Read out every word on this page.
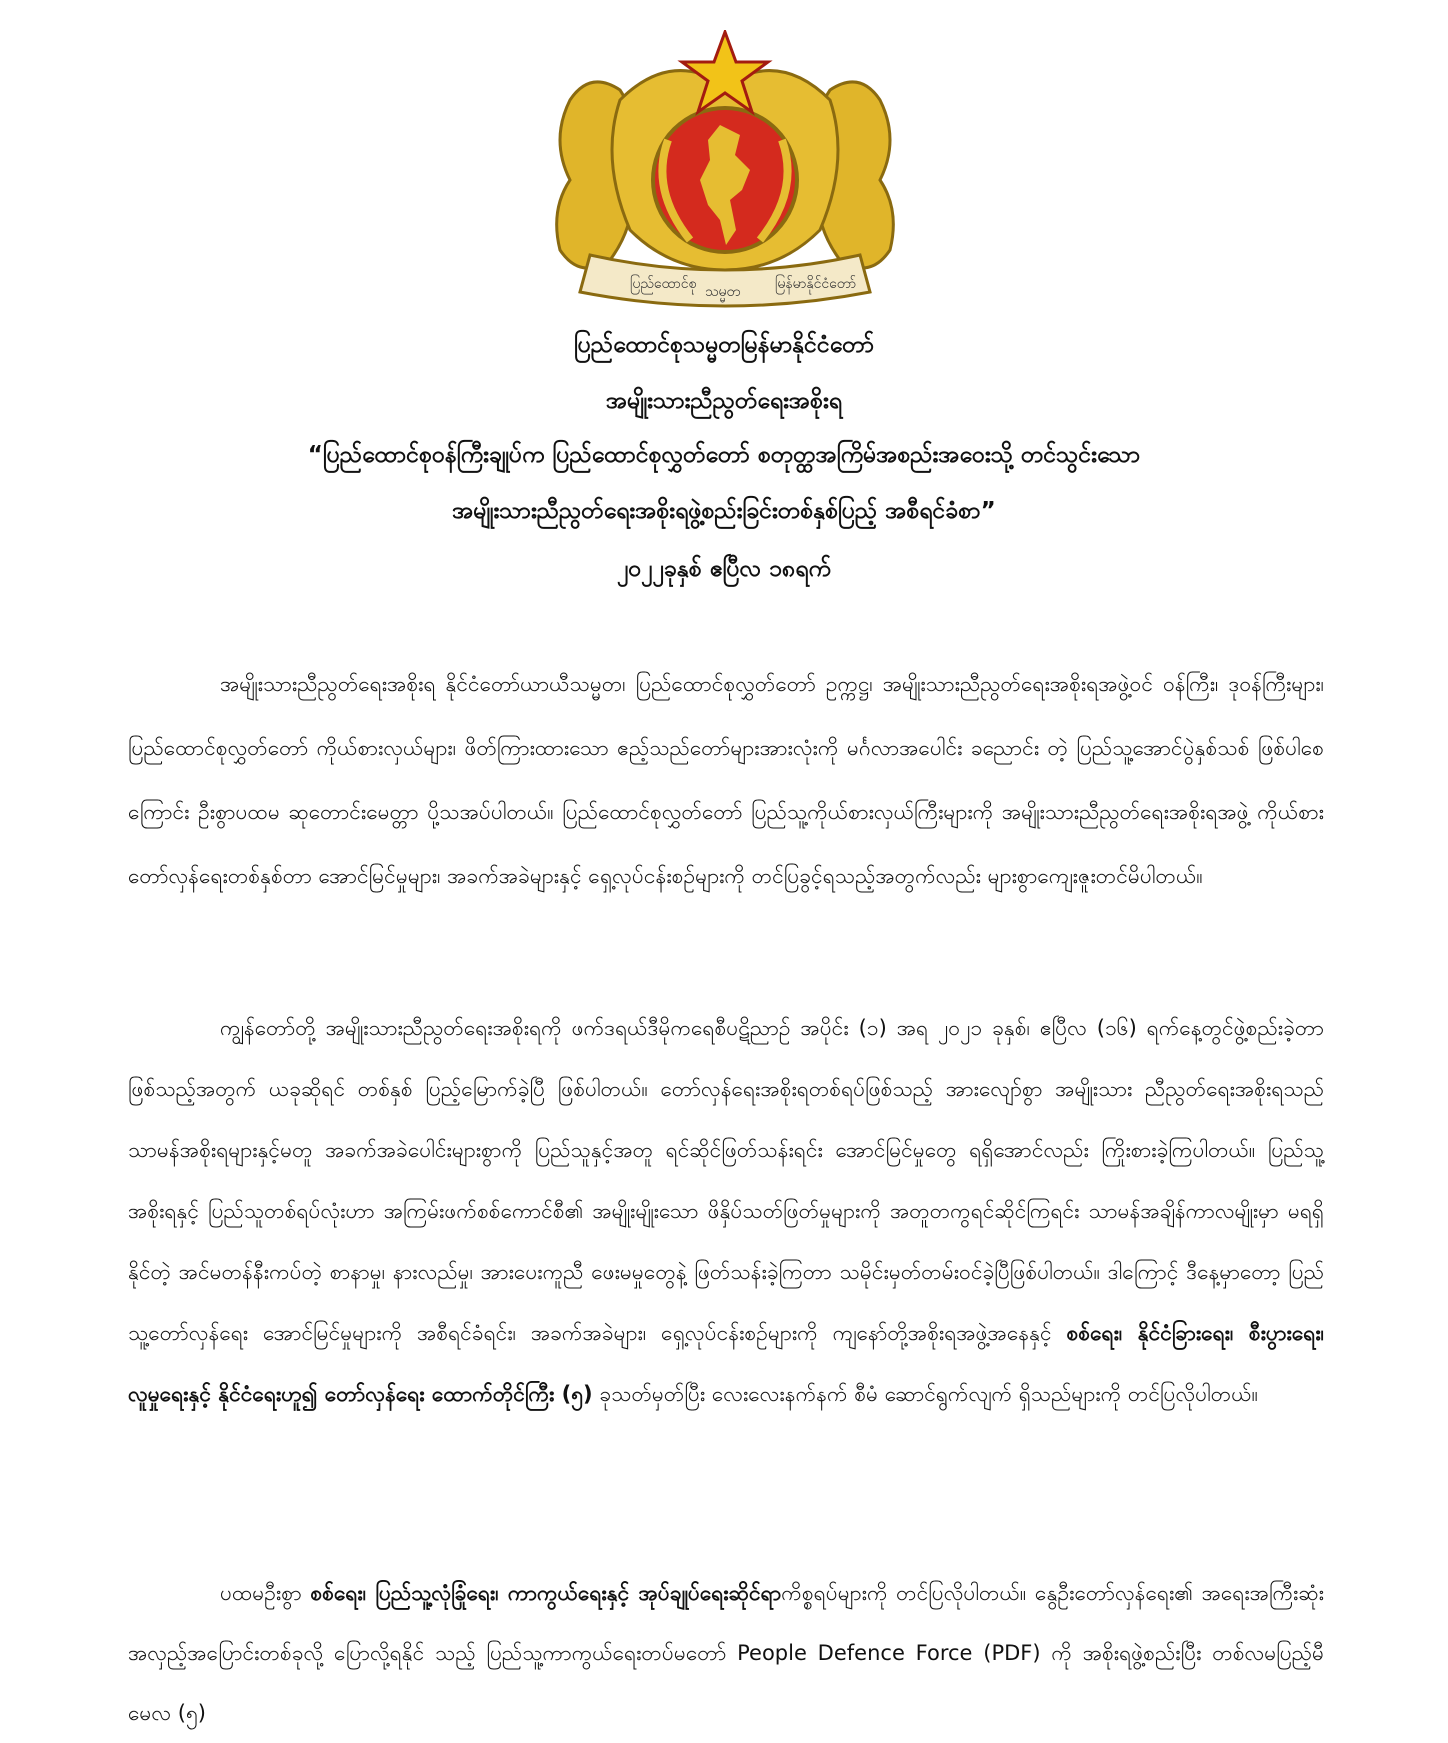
ပြည်ထောင်စု သမ္မတ မြန်မာနိုင်ငံတော်
ပြည်ထောင်စုသမ္မတမြန်မာနိုင်ငံတော်
အမျိုးသားညီညွတ်ရေးအစိုးရ
“ပြည်ထောင်စုဝန်ကြီးချုပ်က ပြည်ထောင်စုလွှတ်တော် စတုတ္ထအကြိမ်အစည်းအဝေးသို့ တင်သွင်းသော
အမျိုးသားညီညွတ်ရေးအစိုးရဖွဲ့စည်းခြင်းတစ်နှစ်ပြည့် အစီရင်ခံစာ”
၂၀၂၂ခုနှစ် ဧပြီလ ၁၈ရက်

အမျိုးသားညီညွတ်ရေးအစိုးရ နိုင်ငံတော်ယာယီသမ္မတ၊ ပြည်ထောင်စုလွှတ်တော် ဥက္ကဋ္ဌ၊ အမျိုးသားညီညွတ်ရေးအစိုးရအဖွဲ့ဝင် ဝန်ကြီး၊ ဒုဝန်ကြီးများ၊ ပြည်ထောင်စုလွှတ်တော် ကိုယ်စားလှယ်များ၊ ဖိတ်ကြားထားသော ဧည့်သည်တော်များအားလုံးကို မင်္ဂလာအပေါင်း ခညောင်း တဲ့ ပြည်သူ့အောင်ပွဲနှစ်သစ် ဖြစ်ပါစေကြောင်း ဦးစွာပထမ ဆုတောင်းမေတ္တာ ပို့သအပ်ပါတယ်။ ပြည်ထောင်စုလွှတ်တော် ပြည်သူ့ကိုယ်စားလှယ်ကြီးများကို အမျိုးသားညီညွတ်ရေးအစိုးရအဖွဲ့ ကိုယ်စား တော်လှန်ရေးတစ်နှစ်တာ အောင်မြင်မှုများ၊ အခက်အခဲများနှင့် ရှေ့လုပ်ငန်းစဉ်များကို တင်ပြခွင့်ရသည့်အတွက်လည်း များစွာကျေးဇူးတင်မိပါတယ်။

ကျွန်တော်တို့ အမျိုးသားညီညွတ်ရေးအစိုးရကို ဖက်ဒရယ်ဒီမိုကရေစီပဋိညာဉ် အပိုင်း (၁) အရ ၂၀၂၁ ခုနှစ်၊ ဧပြီလ (၁၆) ရက်နေ့တွင်ဖွဲ့စည်းခဲ့တာ ဖြစ်သည့်အတွက် ယခုဆိုရင် တစ်နှစ် ပြည့်မြောက်ခဲ့ပြီ ဖြစ်ပါတယ်။ တော်လှန်ရေးအစိုးရတစ်ရပ်ဖြစ်သည့် အားလျော်စွာ အမျိုးသား ညီညွတ်ရေးအစိုးရသည် သာမန်အစိုးရများနှင့်မတူ အခက်အခဲပေါင်းများစွာကို ပြည်သူနှင့်အတူ ရင်ဆိုင်ဖြတ်သန်းရင်း အောင်မြင်မှုတွေ ရရှိအောင်လည်း ကြိုးစားခဲ့ကြပါတယ်။ ပြည်သူ့အစိုးရနှင့် ပြည်သူတစ်ရပ်လုံးဟာ အကြမ်းဖက်စစ်ကောင်စီ၏ အမျိုးမျိုးသော ဖိနှိပ်သတ်ဖြတ်မှုများကို အတူတကွရင်ဆိုင်ကြရင်း သာမန်အချိန်ကာလမျိုးမှာ မရရှိနိုင်တဲ့ အင်မတန်နီးကပ်တဲ့ စာနာမှု၊ နားလည်မှု၊ အားပေးကူညီ ဖေးမမှုတွေနဲ့ ဖြတ်သန်းခဲ့ကြတာ သမိုင်းမှတ်တမ်းဝင်ခဲ့ပြီဖြစ်ပါတယ်။ ဒါကြောင့် ဒီနေ့မှာတော့ ပြည်သူ့တော်လှန်ရေး အောင်မြင်မှုများကို အစီရင်ခံရင်း၊ အခက်အခဲများ၊ ရှေ့လုပ်ငန်းစဉ်များကို ကျနော်တို့အစိုးရအဖွဲ့အနေနှင့် စစ်ရေး၊ နိုင်ငံခြားရေး၊ စီးပွားရေး၊ လူမှုရေးနှင့် နိုင်ငံရေးဟူ၍ တော်လှန်ရေး ထောက်တိုင်ကြီး (၅) ခုသတ်မှတ်ပြီး လေးလေးနက်နက် စီမံ ဆောင်ရွက်လျက် ရှိသည်များကို တင်ပြလိုပါတယ်။

ပထမဦးစွာ စစ်ရေး၊ ပြည်သူ့လုံခြုံရေး၊ ကာကွယ်ရေးနှင့် အုပ်ချုပ်ရေးဆိုင်ရာကိစ္စရပ်များကို တင်ပြလိုပါတယ်။ နွေဦးတော်လှန်ရေး၏ အရေးအကြီးဆုံး အလှည့်အပြောင်းတစ်ခုလို့ ပြောလို့ရနိုင် သည့် ပြည်သူ့ကာကွယ်ရေးတပ်မတော် People Defence Force (PDF) ကို အစိုးရဖွဲ့စည်းပြီး တစ်လမပြည့်မီ မေလ (၅)
